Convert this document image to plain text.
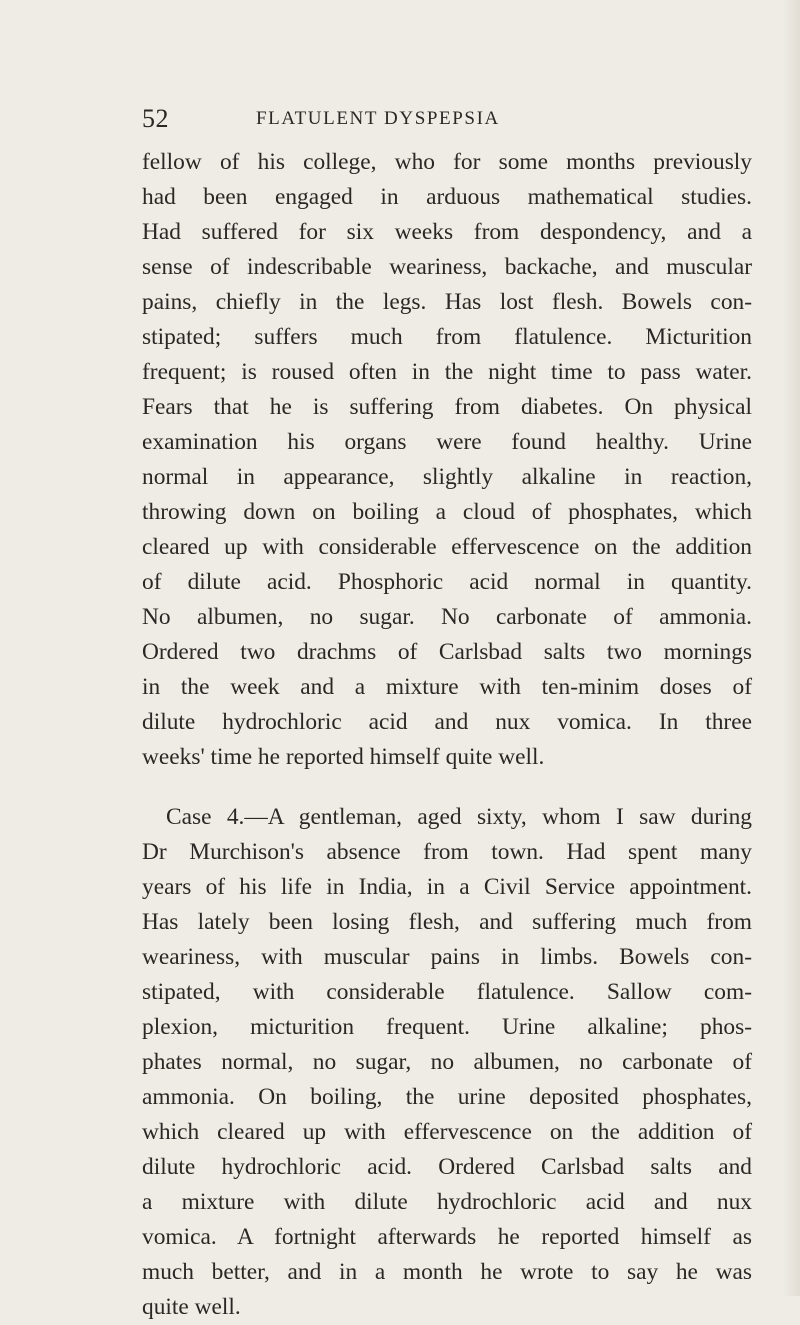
52	FLATULENT DYSPEPSIA
fellow of his college, who for some months previously
had been engaged in arduous mathematical studies.
Had suffered for six weeks from despondency, and a
sense of indescribable weariness, backache, and muscular
pains, chiefly in the legs. Has lost flesh. Bowels con-
stipated; suffers much from flatulence. Micturition
frequent; is roused often in the night time to pass water.
Fears that he is suffering from diabetes. On physical
examination his organs were found healthy. Urine
normal in appearance, slightly alkaline in reaction,
throwing down on boiling a cloud of phosphates, which
cleared up with considerable effervescence on the addition
of dilute acid. Phosphoric acid normal in quantity.
No albumen, no sugar. No carbonate of ammonia.
Ordered two drachms of Carlsbad salts two mornings
in the week and a mixture with ten-minim doses of
dilute hydrochloric acid and nux vomica. In three
weeks' time he reported himself quite well.
Case 4.—A gentleman, aged sixty, whom I saw during
Dr Murchison's absence from town. Had spent many
years of his life in India, in a Civil Service appointment.
Has lately been losing flesh, and suffering much from
weariness, with muscular pains in limbs. Bowels con-
stipated, with considerable flatulence. Sallow com-
plexion, micturition frequent. Urine alkaline; phos-
phates normal, no sugar, no albumen, no carbonate of
ammonia. On boiling, the urine deposited phosphates,
which cleared up with effervescence on the addition of
dilute hydrochloric acid. Ordered Carlsbad salts and
a mixture with dilute hydrochloric acid and nux
vomica. A fortnight afterwards he reported himself as
much better, and in a month he wrote to say he was
quite well.
